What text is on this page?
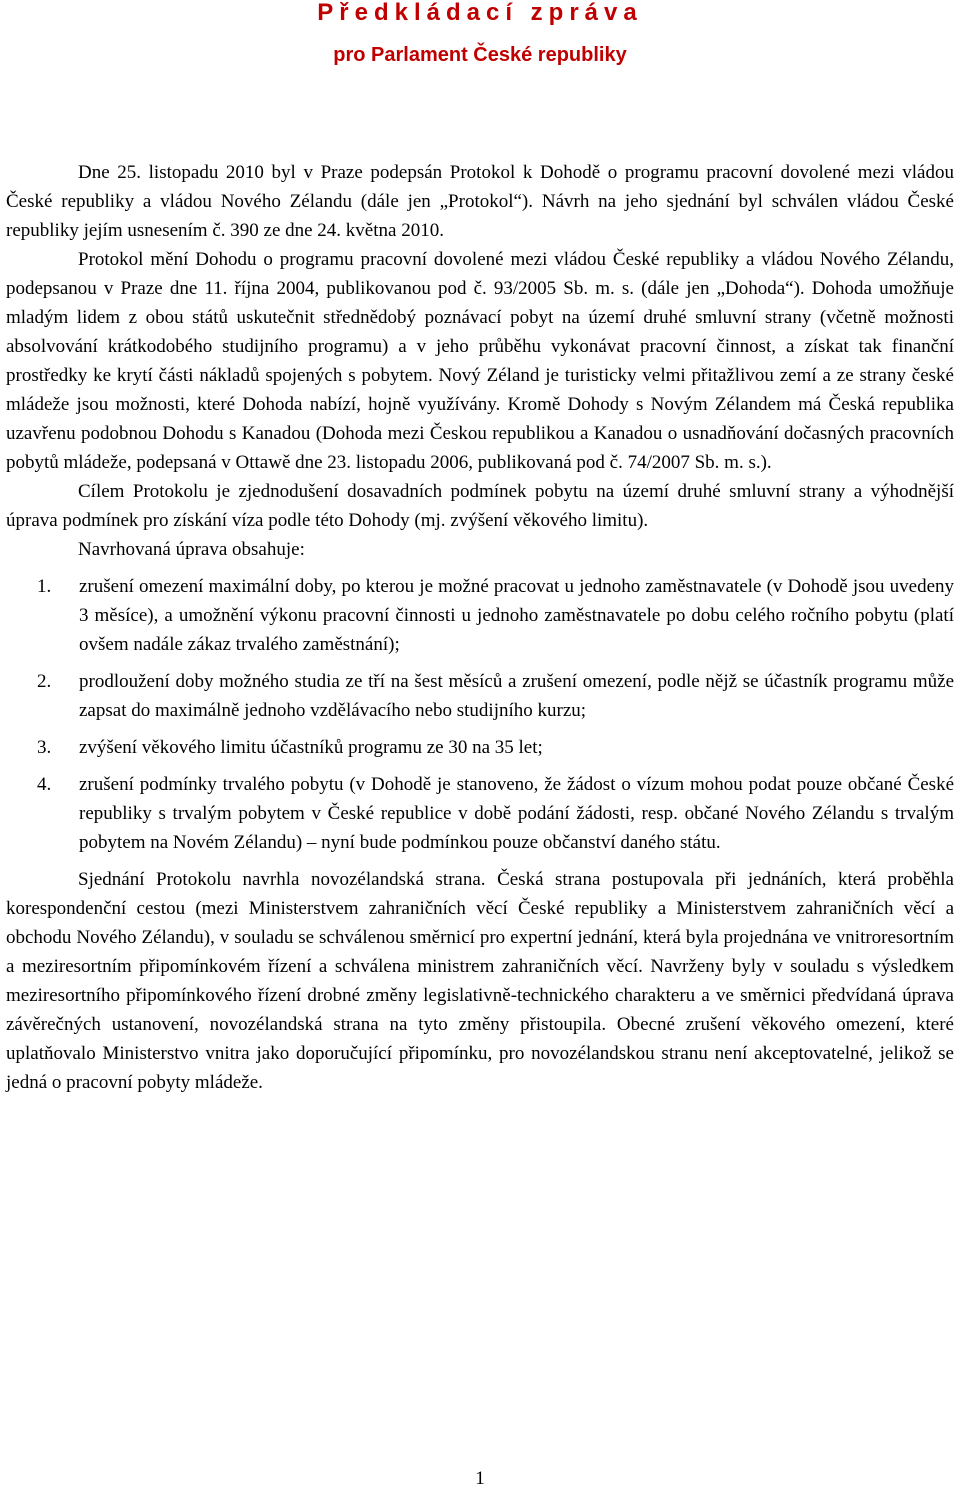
Předkládací zpráva
pro Parlament České republiky

Dne 25. listopadu 2010 byl v Praze podepsán Protokol k Dohodě o programu pracovní dovolené mezi vládou České republiky a vládou Nového Zélandu (dále jen „Protokol“). Návrh na jeho sjednání byl schválen vládou České republiky jejím usnesením č. 390 ze dne 24. května 2010.

Protokol mění Dohodu o programu pracovní dovolené mezi vládou České republiky a vládou Nového Zélandu, podepsanou v Praze dne 11. října 2004, publikovanou pod č. 93/2005 Sb. m. s. (dále jen „Dohoda“). Dohoda umožňuje mladým lidem z obou států uskutečnit střednědobý poznávací pobyt na území druhé smluvní strany (včetně možnosti absolvování krátkodobého studijního programu) a v jeho průběhu vykonávat pracovní činnost, a získat tak finanční prostředky ke krytí části nákladů spojených s pobytem. Nový Zéland je turisticky velmi přitažlivou zemí a ze strany české mládeže jsou možnosti, které Dohoda nabízí, hojně využívány. Kromě Dohody s Novým Zélandem má Česká republika uzavřenu podobnou Dohodu s Kanadou (Dohoda mezi Českou republikou a Kanadou o usnadňování dočasných pracovních pobytů mládeže, podepsaná v Ottawě dne 23. listopadu 2006, publikovaná pod č. 74/2007 Sb. m. s.).

Cílem Protokolu je zjednodušení dosavadních podmínek pobytu na území druhé smluvní strany a výhodnější úprava podmínek pro získání víza podle této Dohody (mj. zvýšení věkového limitu).

Navrhovaná úprava obsahuje:

1. zrušení omezení maximální doby, po kterou je možné pracovat u jednoho zaměstnavatele (v Dohodě jsou uvedeny 3 měsíce), a umožnění výkonu pracovní činnosti u jednoho zaměstnavatele po dobu celého ročního pobytu (platí ovšem nadále zákaz trvalého zaměstnání);
2. prodloužení doby možného studia ze tří na šest měsíců a zrušení omezení, podle nějž se účastník programu může zapsat do maximálně jednoho vzdělávacího nebo studijního kurzu;
3. zvýšení věkového limitu účastníků programu ze 30 na 35 let;
4. zrušení podmínky trvalého pobytu (v Dohodě je stanoveno, že žádost o vízum mohou podat pouze občané České republiky s trvalým pobytem v České republice v době podání žádosti, resp. občané Nového Zélandu s trvalým pobytem na Novém Zélandu) – nyní bude podmínkou pouze občanství daného státu.

Sjednání Protokolu navrhla novozélandská strana. Česká strana postupovala při jednáních, která proběhla korespondenční cestou (mezi Ministerstvem zahraničních věcí České republiky a Ministerstvem zahraničních věcí a obchodu Nového Zélandu), v souladu se schválenou směrnicí pro expertní jednání, která byla projednána ve vnitroresortním a meziresortním připomínkovém řízení a schválena ministrem zahraničních věcí. Navrženy byly v souladu s výsledkem meziresortního připomínkového řízení drobné změny legislativně-technického charakteru a ve směrnici předvídaná úprava závěrečných ustanovení, novozélandská strana na tyto změny přistoupila. Obecné zrušení věkového omezení, které uplatňovalo Ministerstvo vnitra jako doporučující připomínku, pro novozélandskou stranu není akceptovatelné, jelikož se jedná o pracovní pobyty mládeže.

1
